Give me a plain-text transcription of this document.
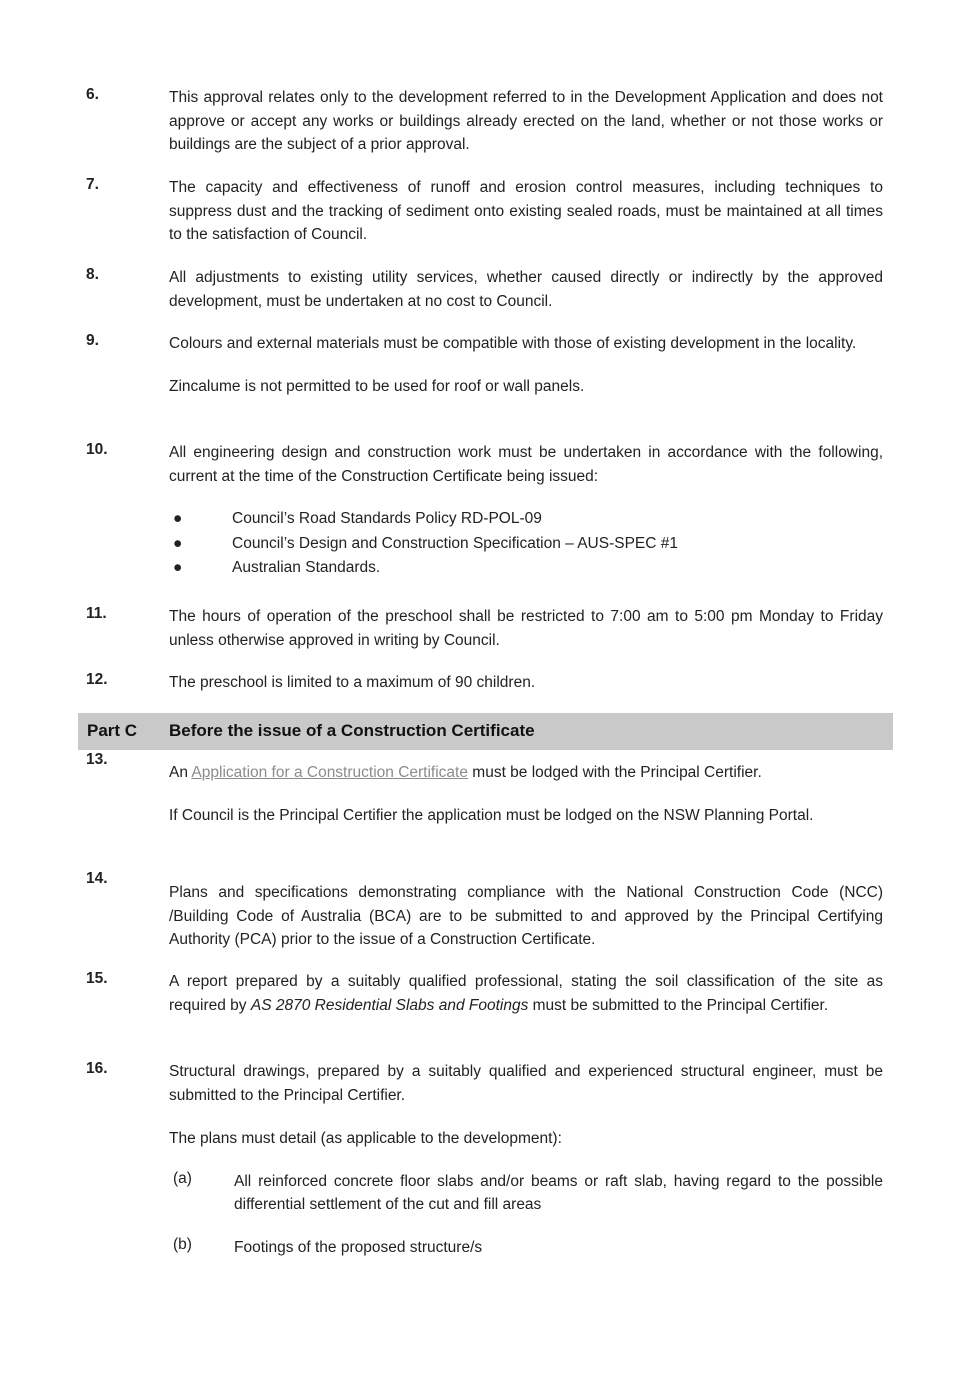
6.	This approval relates only to the development referred to in the Development Application and does not approve or accept any works or buildings already erected on the land, whether or not those works or buildings are the subject of a prior approval.

7.	The capacity and effectiveness of runoff and erosion control measures, including techniques to suppress dust and the tracking of sediment onto existing sealed roads, must be maintained at all times to the satisfaction of Council.

8.	All adjustments to existing utility services, whether caused directly or indirectly by the approved development, must be undertaken at no cost to Council.

9.	Colours and external materials must be compatible with those of existing development in the locality.

Zincalume is not permitted to be used for roof or wall panels.

10.	All engineering design and construction work must be undertaken in accordance with the following, current at the time of the Construction Certificate being issued:

●	Council’s Road Standards Policy RD-POL-09
●	Council’s Design and Construction Specification – AUS-SPEC #1
●	Australian Standards.
11.	The hours of operation of the preschool shall be restricted to 7:00 am to 5:00 pm Monday to Friday unless otherwise approved in writing by Council.

12.	The preschool is limited to a maximum of 90 children.

Part C Before the issue of a Construction Certificate
13.

An Application for a Construction Certificate must be lodged with the Principal Certifier.

If Council is the Principal Certifier the application must be lodged on the NSW Planning Portal.

14.

Plans and specifications demonstrating compliance with the National Construction Code (NCC) /Building Code of Australia (BCA) are to be submitted to and approved by the Principal Certifying Authority (PCA) prior to the issue of a Construction Certificate.

15.	A report prepared by a suitably qualified professional, stating the soil classification of the site as required by AS 2870 Residential Slabs and Footings must be submitted to the Principal Certifier.

16.	Structural drawings, prepared by a suitably qualified and experienced structural engineer, must be submitted to the Principal Certifier.

The plans must detail (as applicable to the development):

(a)	All reinforced concrete floor slabs and/or beams or raft slab, having regard to the possible differential settlement of the cut and fill areas

(b)	Footings of the proposed structure/s
